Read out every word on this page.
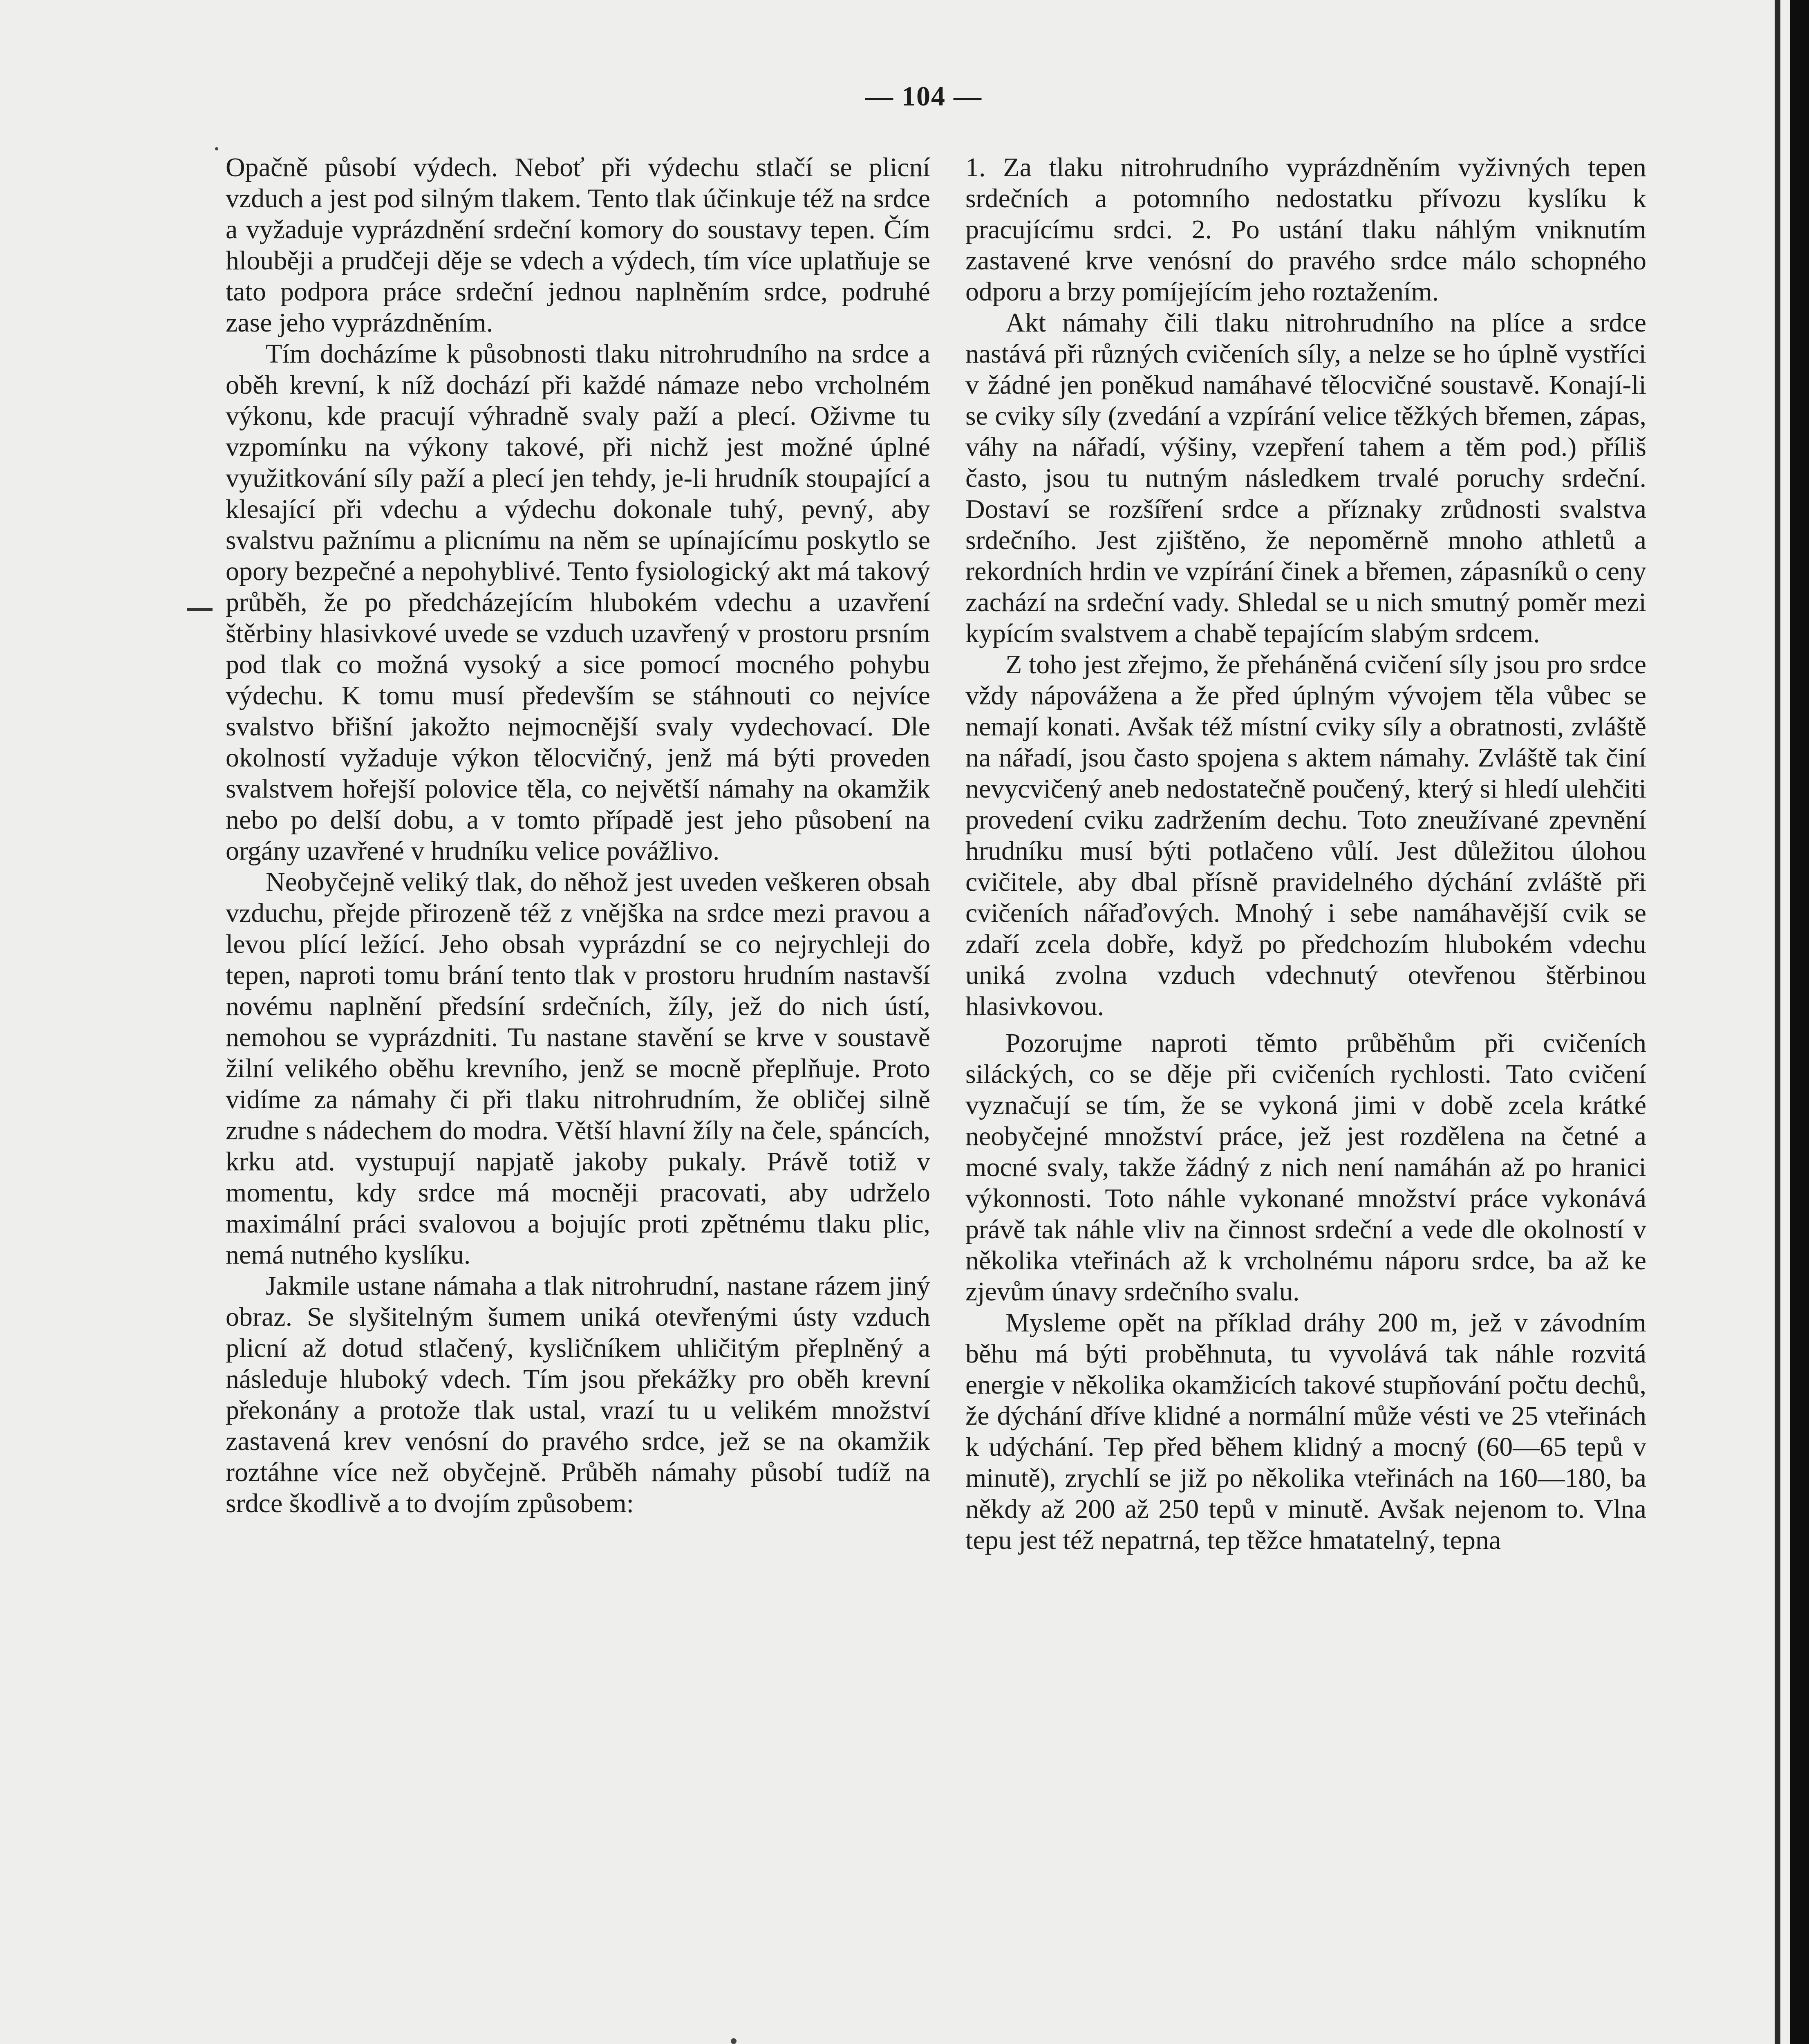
— 104 —

Opačně působí výdech. Neboť při výdechu stlačí se plicní vzduch a jest pod silným tlakem. Tento tlak účinkuje též na srdce a vyžaduje vyprázdnění srdeční komory do soustavy tepen. Čím hlouběji a prudčeji děje se vdech a výdech, tím více uplatňuje se tato podpora práce srdeční jednou naplněním srdce, podruhé zase jeho vyprázdněním.

Tím docházíme k působnosti tlaku nitrohrudního na srdce a oběh krevní, k níž dochází při každé námaze nebo vrcholném výkonu, kde pracují výhradně svaly paží a plecí. Oživme tu vzpomínku na výkony takové, při nichž jest možné úplné využitkování síly paží a plecí jen tehdy, je-li hrudník stoupající a klesající při vdechu a výdechu dokonale tuhý, pevný, aby svalstvu pažnímu a plicnímu na něm se upínajícímu poskytlo se opory bezpečné a nepohyblivé. Tento fysiologický akt má takový průběh, že po předcházejícím hlubokém vdechu a uzavření štěrbiny hlasivkové uvede se vzduch uzavřený v prostoru prsním pod tlak co možná vysoký a sice pomocí mocného pohybu výdechu. K tomu musí především se stáhnouti co nejvíce svalstvo břišní jakožto nejmocnější svaly vydechovací. Dle okolností vyžaduje výkon tělocvičný, jenž má býti proveden svalstvem hořejší polovice těla, co největší námahy na okamžik nebo po delší dobu, a v tomto případě jest jeho působení na orgány uzavřené v hrudníku velice povážlivo.

Neobyčejně veliký tlak, do něhož jest uveden veškeren obsah vzduchu, přejde přirozeně též z vnějška na srdce mezi pravou a levou plící ležící. Jeho obsah vyprázdní se co nejrychleji do tepen, naproti tomu brání tento tlak v prostoru hrudním nastavší novému naplnění předsíní srdečních, žíly, jež do nich ústí, nemohou se vyprázdniti. Tu nastane stavění se krve v soustavě žilní velikého oběhu krevního, jenž se mocně přeplňuje. Proto vidíme za námahy či při tlaku nitrohrudním, že obličej silně zrudne s nádechem do modra. Větší hlavní žíly na čele, spáncích, krku atd. vystupují napjatě jakoby pukaly. Právě totiž v momentu, kdy srdce má mocněji pracovati, aby udrželo maximální práci svalovou a bojujíc proti zpětnému tlaku plic, nemá nutného kyslíku.

Jakmile ustane námaha a tlak nitrohrudní, nastane rázem jiný obraz. Se slyšitelným šumem uniká otevřenými ústy vzduch plicní až dotud stlačený, kysličníkem uhličitým přeplněný a následuje hluboký vdech. Tím jsou překážky pro oběh krevní překonány a protože tlak ustal, vrazí tu u velikém množství zastavená krev venósní do pravého srdce, jež se na okamžik roztáhne více než obyčejně. Průběh námahy působí tudíž na srdce škodlivě a to dvojím způsobem:

1. Za tlaku nitrohrudního vyprázdněním vyživných tepen srdečních a potomního nedostatku přívozu kyslíku k pracujícímu srdci. 2. Po ustání tlaku náhlým vniknutím zastavené krve venósní do pravého srdce málo schopného odporu a brzy pomíjejícím jeho roztažením.

Akt námahy čili tlaku nitrohrudního na plíce a srdce nastává při různých cvičeních síly, a nelze se ho úplně vystříci v žádné jen poněkud namáhavé tělocvičné soustavě. Konají-li se cviky síly (zvedání a vzpírání velice těžkých břemen, zápas, váhy na nářadí, výšiny, vzepření tahem a těm pod.) příliš často, jsou tu nutným následkem trvalé poruchy srdeční. Dostaví se rozšíření srdce a příznaky zrůdnosti svalstva srdečního. Jest zjištěno, že nepoměrně mnoho athletů a rekordních hrdin ve vzpírání činek a břemen, zápasníků o ceny zachází na srdeční vady. Shledal se u nich smutný poměr mezi kypícím svalstvem a chabě tepajícím slabým srdcem.

Z toho jest zřejmo, že přeháněná cvičení síly jsou pro srdce vždy nápovážena a že před úplným vývojem těla vůbec se nemají konati. Avšak též místní cviky síly a obratnosti, zvláště na nářadí, jsou často spojena s aktem námahy. Zvláště tak činí nevycvičený aneb nedostatečně poučený, který si hledí ulehčiti provedení cviku zadržením dechu. Toto zneužívané zpevnění hrudníku musí býti potlačeno vůlí. Jest důležitou úlohou cvičitele, aby dbal přísně pravidelného dýchání zvláště při cvičeních nářaďových. Mnohý i sebe namáhavější cvik se zdaří zcela dobře, když po předchozím hlubokém vdechu uniká zvolna vzduch vdechnutý otevřenou štěrbinou hlasivkovou.

Pozorujme naproti těmto průběhům při cvičeních siláckých, co se děje při cvičeních rychlosti. Tato cvičení vyznačují se tím, že se vykoná jimi v době zcela krátké neobyčejné množství práce, jež jest rozdělena na četné a mocné svaly, takže žádný z nich není namáhán až po hranici výkonnosti. Toto náhle vykonané množství práce vykonává právě tak náhle vliv na činnost srdeční a vede dle okolností v několika vteřinách až k vrcholnému náporu srdce, ba až ke zjevům únavy srdečního svalu.

Mysleme opět na příklad dráhy 200 m, jež v závodním běhu má býti proběhnuta, tu vyvolává tak náhle rozvitá energie v několika okamžicích takové stupňování počtu dechů, že dýchání dříve klidné a normální může vésti ve 25 vteřinách k udýchání. Tep před během klidný a mocný (60—65 tepů v minutě), zrychlí se již po několika vteřinách na 160—180, ba někdy až 200 až 250 tepů v minutě. Avšak nejenom to. Vlna tepu jest též nepatrná, tep těžce hmatatelný, tepna
